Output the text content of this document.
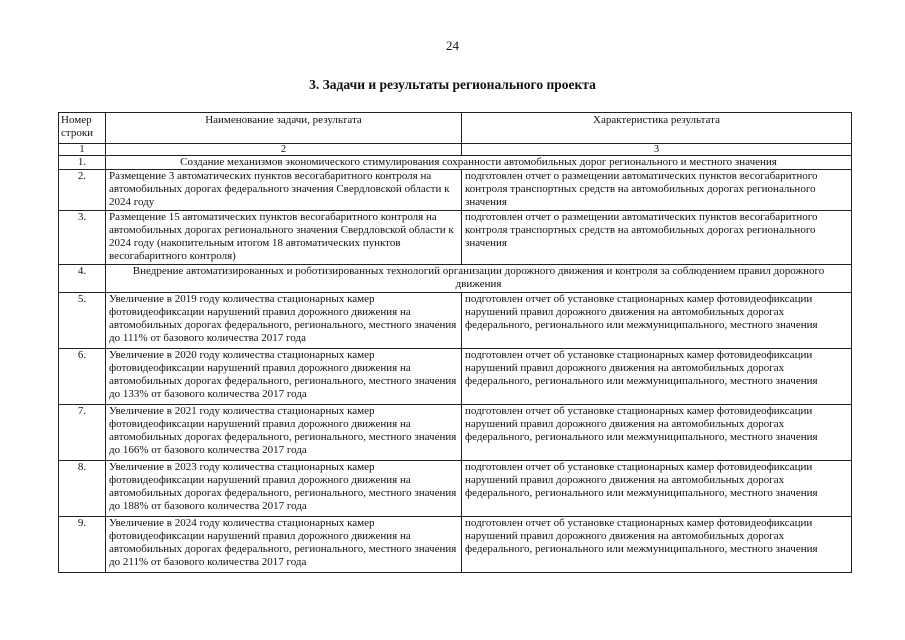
24
3. Задачи и результаты регионального проекта
Номер строки	Наименование задачи, результата	Характеристика результата
1	2	3
1.	Создание механизмов экономического стимулирования сохранности автомобильных дорог регионального и местного значения	
2.	Размещение 3 автоматических пунктов весогабаритного контроля на автомобильных дорогах федерального значения Свердловской области к 2024 году	подготовлен отчет о размещении автоматических пунктов весогабаритного контроля транспортных средств на автомобильных дорогах регионального значения
3.	Размещение 15 автоматических пунктов весогабаритного контроля на автомобильных дорогах регионального значения Свердловской области к 2024 году (накопительным итогом 18 автоматических пунктов весогабаритного контроля)	подготовлен отчет о размещении автоматических пунктов весогабаритного контроля транспортных средств на автомобильных дорогах регионального значения
4.	Внедрение автоматизированных и роботизированных технологий организации дорожного движения и контроля за соблюдением правил дорожного движения	
5.	Увеличение в 2019 году количества стационарных камер фотовидеофиксации нарушений правил дорожного движения на автомобильных дорогах федерального, регионального, местного значения до 111% от базового количества 2017 года	подготовлен отчет об установке стационарных камер фотовидеофиксации нарушений правил дорожного движения на автомобильных дорогах федерального, регионального или межмуниципального, местного значения
6.	Увеличение в 2020 году количества стационарных камер фотовидеофиксации нарушений правил дорожного движения на автомобильных дорогах федерального, регионального, местного значения до 133% от базового количества 2017 года	подготовлен отчет об установке стационарных камер фотовидеофиксации нарушений правил дорожного движения на автомобильных дорогах федерального, регионального или межмуниципального, местного значения
7.	Увеличение в 2021 году количества стационарных камер фотовидеофиксации нарушений правил дорожного движения на автомобильных дорогах федерального, регионального, местного значения до 166% от базового количества 2017 года	подготовлен отчет об установке стационарных камер фотовидеофиксации нарушений правил дорожного движения на автомобильных дорогах федерального, регионального или межмуниципального, местного значения
8.	Увеличение в 2023 году количества стационарных камер фотовидеофиксации нарушений правил дорожного движения на автомобильных дорогах федерального, регионального, местного значения до 188% от базового количества 2017 года	подготовлен отчет об установке стационарных камер фотовидеофиксации нарушений правил дорожного движения на автомобильных дорогах федерального, регионального или межмуниципального, местного значения
9.	Увеличение в 2024 году количества стационарных камер фотовидеофиксации нарушений правил дорожного движения на автомобильных дорогах федерального, регионального, местного значения до 211% от базового количества 2017 года	подготовлен отчет об установке стационарных камер фотовидеофиксации нарушений правил дорожного движения на автомобильных дорогах федерального, регионального или межмуниципального, местного значения
